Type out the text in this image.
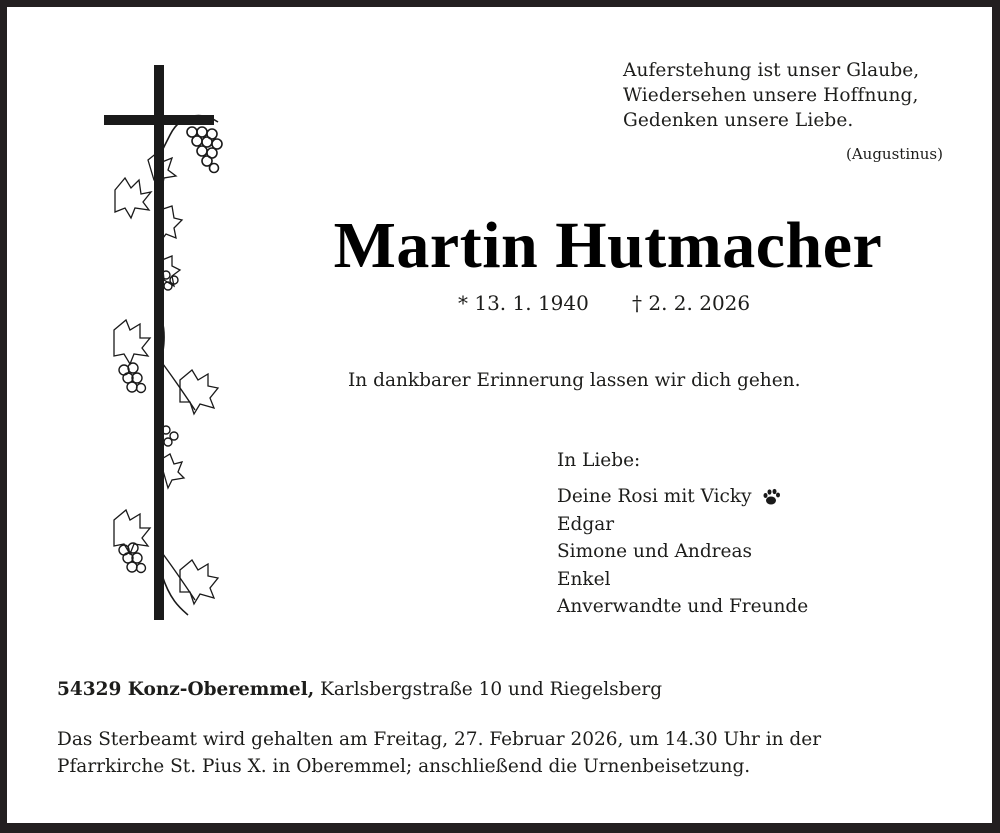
Auferstehung ist unser Glaube,
Wiedersehen unsere Hoffnung,
Gedenken unsere Liebe.
(Augustinus)
Martin Hutmacher
* 13. 1. 1940 † 2. 2. 2026
In dankbarer Erinnerung lassen wir dich gehen.
In Liebe:
Deine Rosi mit Vicky
Edgar
Simone und Andreas
Enkel
Anverwandte und Freunde
54329 Konz-Oberemmel, Karlsbergstraße 10 und Riegelsberg
Das Sterbeamt wird gehalten am Freitag, 27. Februar 2026, um 14.30 Uhr in der
Pfarrkirche St. Pius X. in Oberemmel; anschließend die Urnenbeisetzung.
